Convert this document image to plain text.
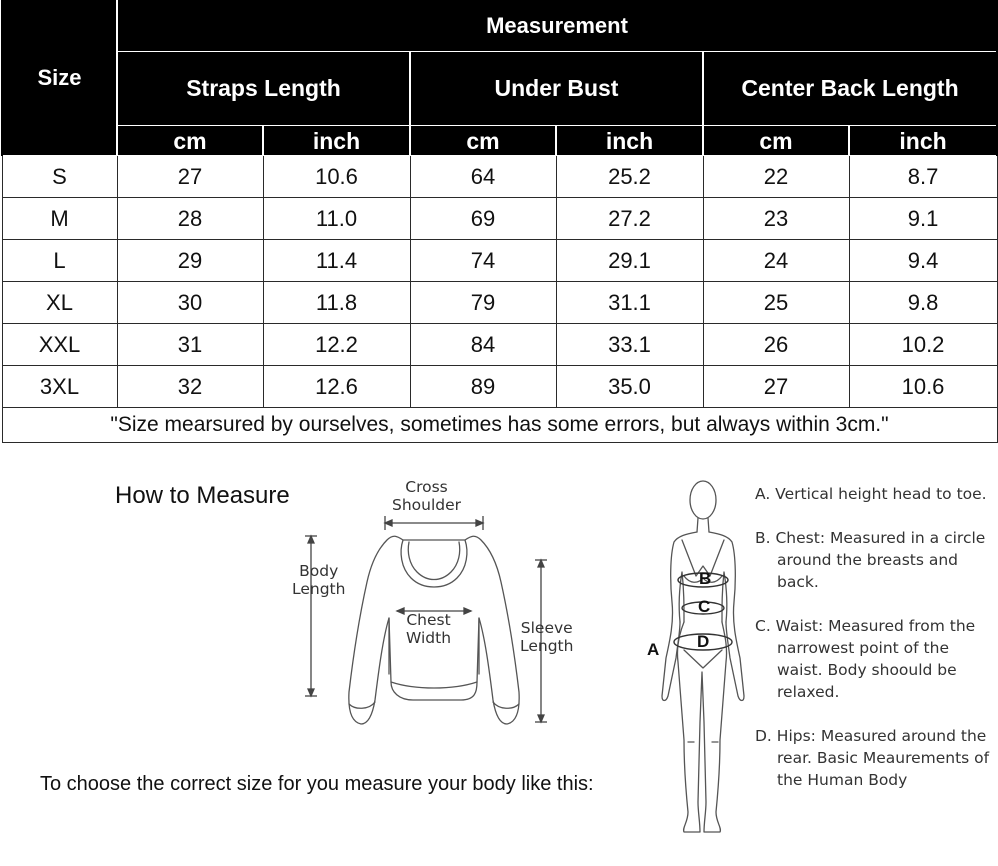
Size	Measurement					
	Straps Length		Under Bust		Center Back Length	
	cm	inch	cm	inch	cm	inch
S	27	10.6	64	25.2	22	8.7
M	28	11.0	69	27.2	23	9.1
L	29	11.4	74	29.1	24	9.4
XL	30	11.8	79	31.1	25	9.8
XXL	31	12.2	84	33.1	26	10.2
3XL	32	12.6	89	35.0	27	10.6
"Size mearsured by ourselves, sometimes has some errors, but always within 3cm."						
How to Measure
To choose the correct size for you measure your body like this:
Cross
Shoulder
Body
Length
Chest
Width
Sleeve
Length
B
C
D
A

A. Vertical height head to toe.

B. Chest: Measured in a circle around the breasts and back.

C. Waist: Measured from the narrowest point of the waist. Body shoould be relaxed.

D. Hips: Measured around the rear. Basic Meaurements of the Human Body
